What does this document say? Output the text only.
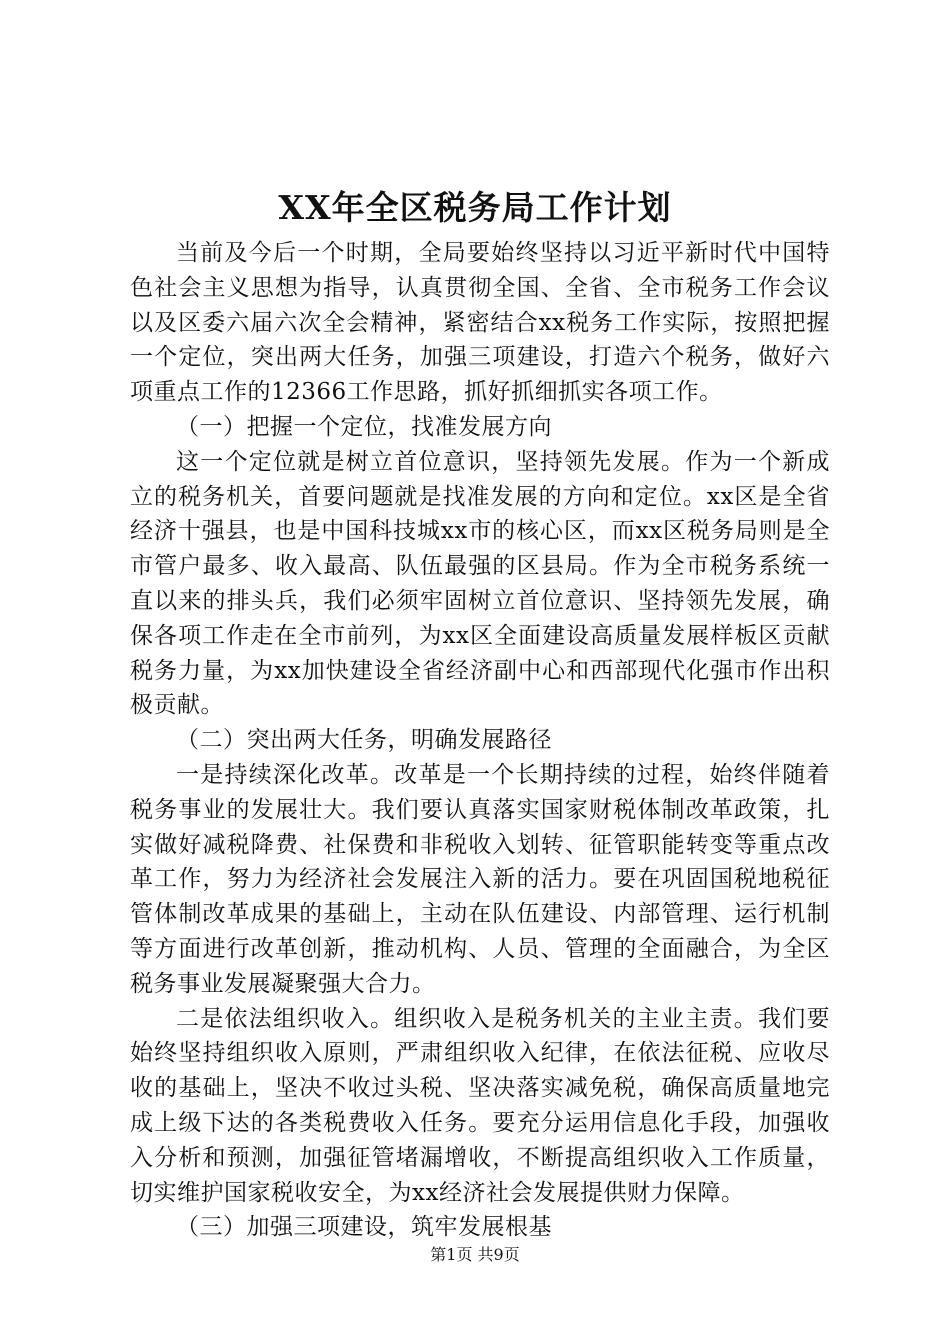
XX年全区税务局工作计划

当前及今后一个时期，全局要始终坚持以习近平新时代中国特色社会主义思想为指导，认真贯彻全国、全省、全市税务工作会议以及区委六届六次全会精神，紧密结合xx税务工作实际，按照把握一个定位，突出两大任务，加强三项建设，打造六个税务，做好六项重点工作的12366工作思路，抓好抓细抓实各项工作。

（一）把握一个定位，找准发展方向

这一个定位就是树立首位意识，坚持领先发展。作为一个新成立的税务机关，首要问题就是找准发展的方向和定位。xx区是全省经济十强县，也是中国科技城xx市的核心区，而xx区税务局则是全市管户最多、收入最高、队伍最强的区县局。作为全市税务系统一直以来的排头兵，我们必须牢固树立首位意识、坚持领先发展，确保各项工作走在全市前列，为xx区全面建设高质量发展样板区贡献税务力量，为xx加快建设全省经济副中心和西部现代化强市作出积极贡献。

（二）突出两大任务，明确发展路径

一是持续深化改革。改革是一个长期持续的过程，始终伴随着税务事业的发展壮大。我们要认真落实国家财税体制改革政策，扎实做好减税降费、社保费和非税收入划转、征管职能转变等重点改革工作，努力为经济社会发展注入新的活力。要在巩固国税地税征管体制改革成果的基础上，主动在队伍建设、内部管理、运行机制等方面进行改革创新，推动机构、人员、管理的全面融合，为全区税务事业发展凝聚强大合力。

二是依法组织收入。组织收入是税务机关的主业主责。我们要始终坚持组织收入原则，严肃组织收入纪律，在依法征税、应收尽收的基础上，坚决不收过头税、坚决落实减免税，确保高质量地完成上级下达的各类税费收入任务。要充分运用信息化手段，加强收入分析和预测，加强征管堵漏增收，不断提高组织收入工作质量，切实维护国家税收安全，为xx经济社会发展提供财力保障。

（三）加强三项建设，筑牢发展根基

第1页 共9页
